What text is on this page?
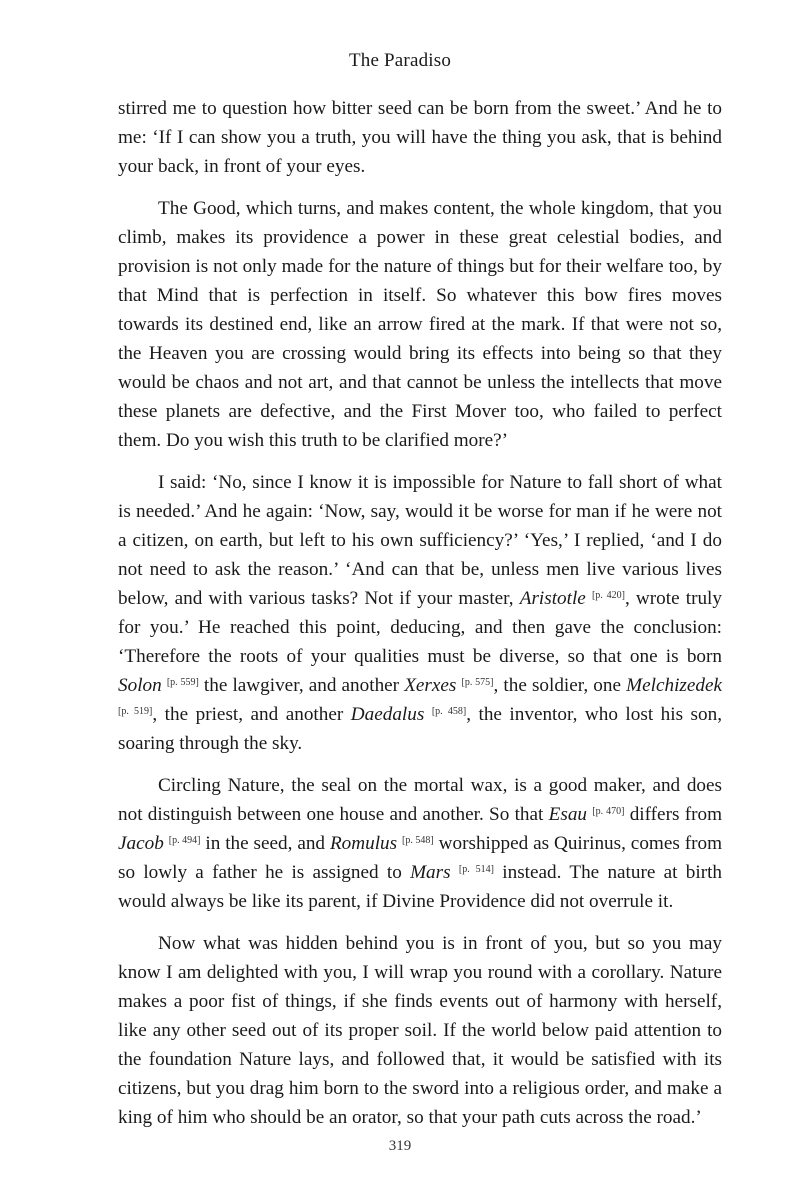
The Paradiso

stirred me to question how bitter seed can be born from the sweet.’ And he to me: ‘If I can show you a truth, you will have the thing you ask, that is behind your back, in front of your eyes.

The Good, which turns, and makes content, the whole kingdom, that you climb, makes its providence a power in these great celestial bodies, and provision is not only made for the nature of things but for their welfare too, by that Mind that is perfection in itself. So whatever this bow fires moves towards its destined end, like an arrow fired at the mark. If that were not so, the Heaven you are crossing would bring its effects into being so that they would be chaos and not art, and that cannot be unless the intellects that move these planets are defective, and the First Mover too, who failed to perfect them. Do you wish this truth to be clarified more?’

I said: ‘No, since I know it is impossible for Nature to fall short of what is needed.’ And he again: ‘Now, say, would it be worse for man if he were not a citizen, on earth, but left to his own sufficiency?’ ‘Yes,’ I replied, ‘and I do not need to ask the reason.’ ‘And can that be, unless men live various lives below, and with various tasks? Not if your master, Aristotle [p. 420], wrote truly for you.’ He reached this point, deducing, and then gave the conclusion: ‘Therefore the roots of your qualities must be diverse, so that one is born Solon [p. 559] the lawgiver, and another Xerxes [p. 575], the soldier, one Melchizedek [p. 519], the priest, and another Daedalus [p. 458], the inventor, who lost his son, soaring through the sky.

Circling Nature, the seal on the mortal wax, is a good maker, and does not distinguish between one house and another. So that Esau [p. 470] differs from Jacob [p. 494] in the seed, and Romulus [p. 548] worshipped as Quirinus, comes from so lowly a father he is assigned to Mars [p. 514] instead. The nature at birth would always be like its parent, if Divine Providence did not overrule it.

Now what was hidden behind you is in front of you, but so you may know I am delighted with you, I will wrap you round with a corollary. Nature makes a poor fist of things, if she finds events out of harmony with herself, like any other seed out of its proper soil. If the world below paid attention to the foundation Nature lays, and followed that, it would be satisfied with its citizens, but you drag him born to the sword into a religious order, and make a king of him who should be an orator, so that your path cuts across the road.’

319
